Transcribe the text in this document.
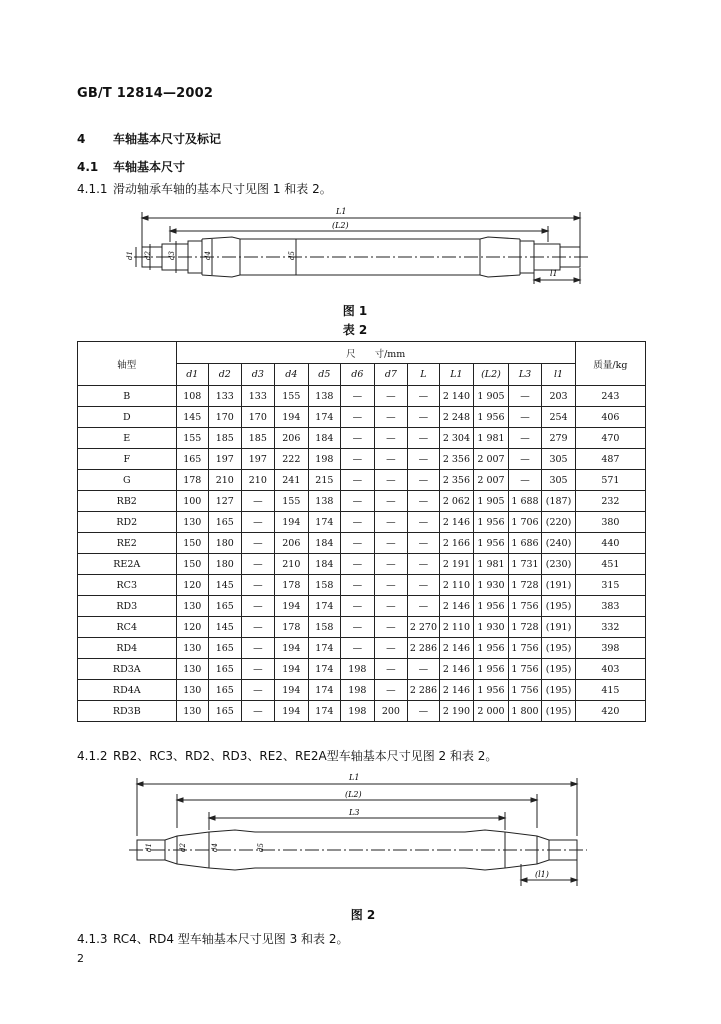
GB/T 12814—2002
4 车轴基本尺寸及标记
4.1 车轴基本尺寸
4.1.1 滑动轴承车轴的基本尺寸见图 1 和表 2。
L1
(L2)
l1
d1 d2 d3	d4	d5
图 1
表 2
轴型	尺　　寸/mm												质量/kg
	d1	d2	d3	d4	d5	d6	d7	L	L1	(L2)	L3	l1	
B	108	133	133	155	138	—	—	—	2 140	1 905	—	203	243
D	145	170	170	194	174	—	—	—	2 248	1 956	—	254	406
E	155	185	185	206	184	—	—	—	2 304	1 981	—	279	470
F	165	197	197	222	198	—	—	—	2 356	2 007	—	305	487
G	178	210	210	241	215	—	—	—	2 356	2 007	—	305	571
RB2	100	127	—	155	138	—	—	—	2 062	1 905	1 688	(187)	232
RD2	130	165	—	194	174	—	—	—	2 146	1 956	1 706	(220)	380
RE2	150	180	—	206	184	—	—	—	2 166	1 956	1 686	(240)	440
RE2A	150	180	—	210	184	—	—	—	2 191	1 981	1 731	(230)	451
RC3	120	145	—	178	158	—	—	—	2 110	1 930	1 728	(191)	315
RD3	130	165	—	194	174	—	—	—	2 146	1 956	1 756	(195)	383
RC4	120	145	—	178	158	—	—	2 270	2 110	1 930	1 728	(191)	332
RD4	130	165	—	194	174	—	—	2 286	2 146	1 956	1 756	(195)	398
RD3A	130	165	—	194	174	198	—	—	2 146	1 956	1 756	(195)	403
RD4A	130	165	—	194	174	198	—	2 286	2 146	1 956	1 756	(195)	415
RD3B	130	165	—	194	174	198	200	—	2 190	2 000	1 800	(195)	420
4.1.2 RB2、RC3、RD2、RD3、RE2、RE2A型车轴基本尺寸见图 2 和表 2。
L1
(L2)
L3
(l1)
d1	d2	d4	d5
图 2
4.1.3 RC4、RD4 型车轴基本尺寸见图 3 和表 2。
2
